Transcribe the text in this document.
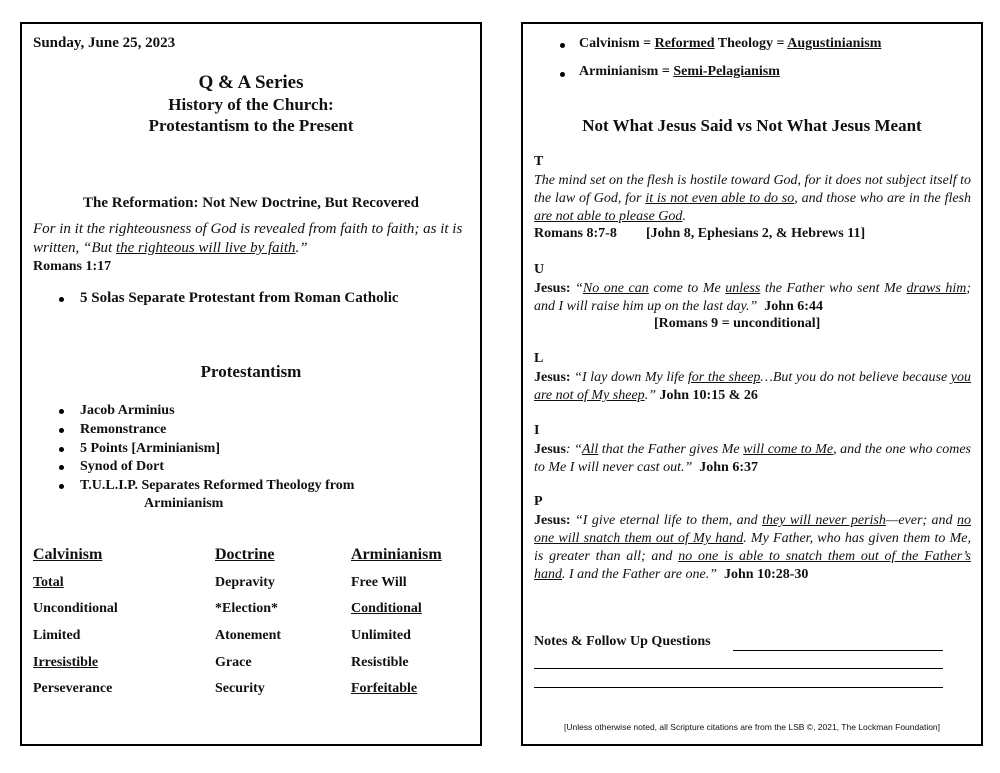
Sunday, June 25, 2023
Q & A Series
History of the Church:
Protestantism to the Present
The Reformation: Not New Doctrine, But Recovered
For in it the righteousness of God is revealed from faith to faith; as it is written, “But the righteous will live by faith.”
Romans 1:17
5 Solas Separate Protestant from Roman Catholic
Protestantism
Jacob Arminius
Remonstrance
5 Points [Arminianism]
Synod of Dort
T.U.L.I.P. Separates Reformed Theology from
Arminianism
Calvinism	Doctrine	Arminianism
Total	Depravity	Free Will
Unconditional	*Election*	Conditional
Limited	Atonement	Unlimited
Irresistible	Grace	Resistible
Perseverance	Security	Forfeitable
Calvinism = Reformed Theology = Augustinianism
Arminianism = Semi-Pelagianism
Not What Jesus Said vs Not What Jesus Meant
T
The mind set on the flesh is hostile toward God, for it does not subject itself to the law of God, for it is not even able to do so, and those who are in the flesh are not able to please God.
Romans 8:7-8 [John 8, Ephesians 2, & Hebrews 11]
U
Jesus: “No one can come to Me unless the Father who sent Me draws him; and I will raise him up on the last day.” John 6:44
[Romans 9 = unconditional]
L
Jesus: “I lay down My life for the sheep…But you do not believe because you are not of My sheep.” John 10:15 & 26
I
Jesus: “All that the Father gives Me will come to Me, and the one who comes to Me I will never cast out.” John 6:37
P
Jesus: “I give eternal life to them, and they will never perish—ever; and no one will snatch them out of My hand. My Father, who has given them to Me, is greater than all; and no one is able to snatch them out of the Father’s hand. I and the Father are one.” John 10:28-30
Notes & Follow Up Questions
[Unless otherwise noted, all Scripture citations are from the LSB ©, 2021, The Lockman Foundation]
